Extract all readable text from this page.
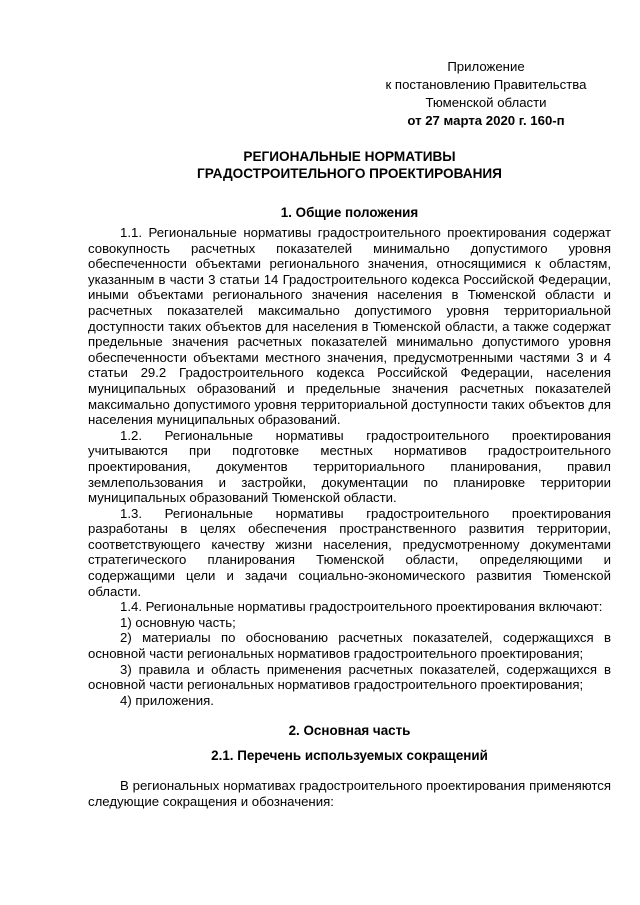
Приложение
к постановлению Правительства
Тюменской области
от 27 марта 2020 г. 160-п
РЕГИОНАЛЬНЫЕ НОРМАТИВЫ
ГРАДОСТРОИТЕЛЬНОГО ПРОЕКТИРОВАНИЯ
1. Общие положения

1.1. Региональные нормативы градостроительного проектирования содержат совокупность расчетных показателей минимально допустимого уровня обеспеченности объектами регионального значения, относящимися к областям, указанным в части 3 статьи 14 Градостроительного кодекса Российской Федерации, иными объектами регионального значения населения в Тюменской области и расчетных показателей максимально допустимого уровня территориальной доступности таких объектов для населения в Тюменской области, а также содержат предельные значения расчетных показателей минимально допустимого уровня обеспеченности объектами местного значения, предусмотренными частями 3 и 4 статьи 29.2 Градостроительного кодекса Российской Федерации, населения муниципальных образований и предельные значения расчетных показателей максимально допустимого уровня территориальной доступности таких объектов для населения муниципальных образований.

1.2. Региональные нормативы градостроительного проектирования учитываются при подготовке местных нормативов градостроительного проектирования, документов территориального планирования, правил землепользования и застройки, документации по планировке территории муниципальных образований Тюменской области.

1.3. Региональные нормативы градостроительного проектирования разработаны в целях обеспечения пространственного развития территории, соответствующего качеству жизни населения, предусмотренному документами стратегического планирования Тюменской области, определяющими и содержащими цели и задачи социально-экономического развития Тюменской области.

1.4. Региональные нормативы градостроительного проектирования включают:

1) основную часть;

2) материалы по обоснованию расчетных показателей, содержащихся в основной части региональных нормативов градостроительного проектирования;

3) правила и область применения расчетных показателей, содержащихся в основной части региональных нормативов градостроительного проектирования;

4) приложения.

2. Основная часть
2.1. Перечень используемых сокращений

В региональных нормативах градостроительного проектирования применяются следующие сокращения и обозначения:
